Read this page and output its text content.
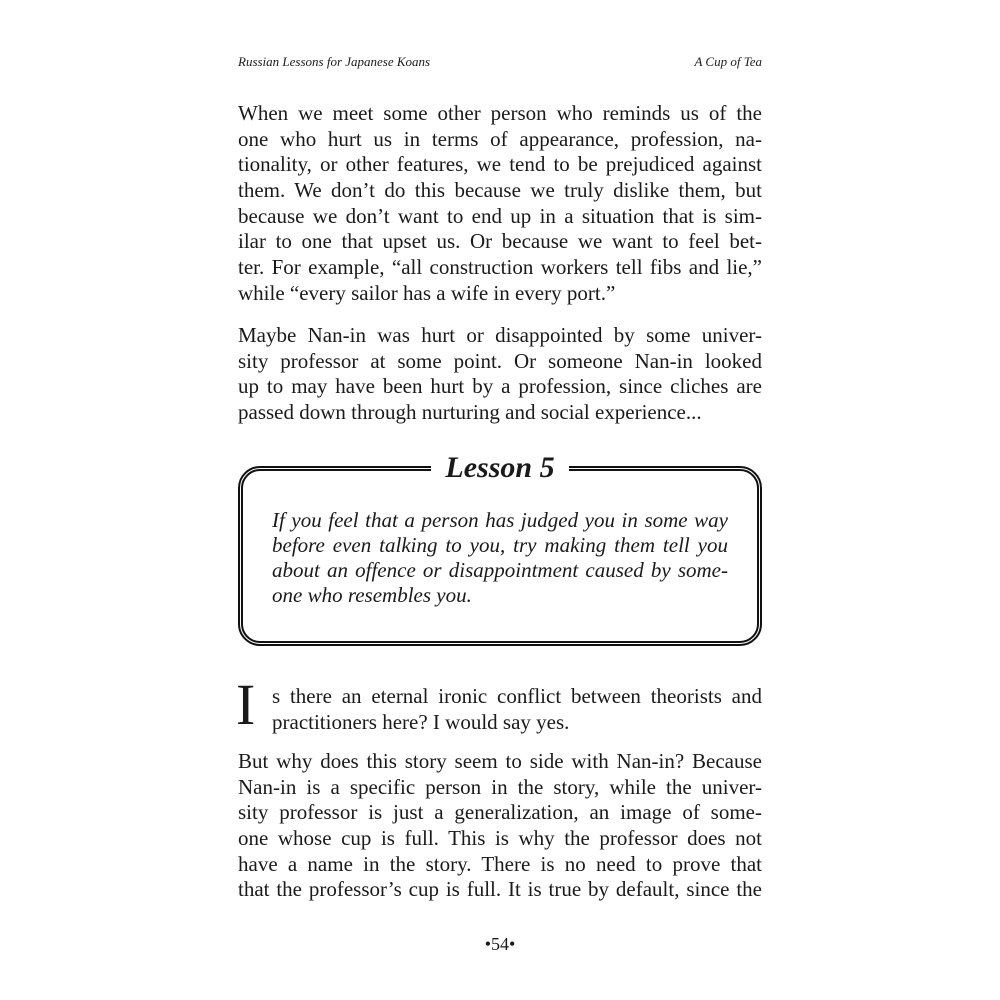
Russian Lessons for Japanese Koans	A Cup of Tea
When we meet some other person who reminds us of the
one who hurt us in terms of appearance, profession, na-
tionality, or other features, we tend to be prejudiced against
them. We don’t do this because we truly dislike them, but
because we don’t want to end up in a situation that is sim-
ilar to one that upset us. Or because we want to feel bet-
ter. For example, “all construction workers tell fibs and lie,”
while “every sailor has a wife in every port.”
Maybe Nan-in was hurt or disappointed by some univer-
sity professor at some point. Or someone Nan-in looked
up to may have been hurt by a profession, since cliches are
passed down through nurturing and social experience...
Lesson 5
If you feel that a person has judged you in some way
before even talking to you, try making them tell you
about an offence or disappointment caused by some-
one who resembles you.
I s there an eternal ironic conflict between theorists and
practitioners here? I would say yes.
But why does this story seem to side with Nan-in? Because
Nan-in is a specific person in the story, while the univer-
sity professor is just a generalization, an image of some-
one whose cup is full. This is why the professor does not
have a name in the story. There is no need to prove that
that the professor’s cup is full. It is true by default, since the
•54•
